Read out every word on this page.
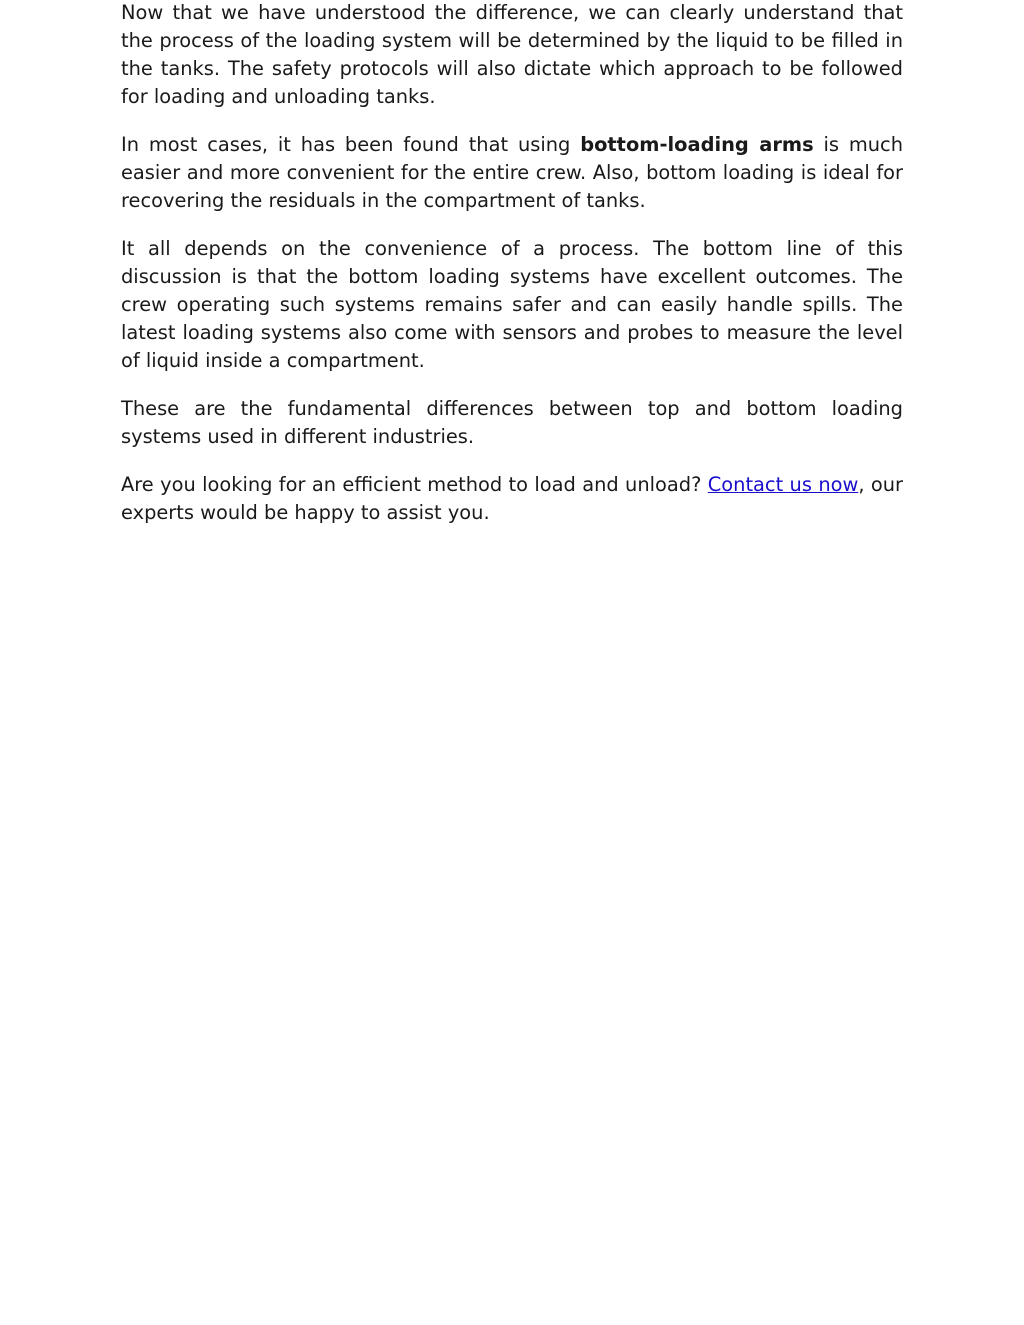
Now that we have understood the difference, we can clearly understand that the process of the loading system will be determined by the liquid to be filled in the tanks. The safety protocols will also dictate which approach to be followed for loading and unloading tanks.

In most cases, it has been found that using bottom-loading arms is much easier and more convenient for the entire crew. Also, bottom loading is ideal for recovering the residuals in the compartment of tanks.

It all depends on the convenience of a process. The bottom line of this discussion is that the bottom loading systems have excellent outcomes. The crew operating such systems remains safer and can easily handle spills. The latest loading systems also come with sensors and probes to measure the level of liquid inside a compartment.

These are the fundamental differences between top and bottom loading systems used in different industries.

Are you looking for an efficient method to load and unload? Contact us now, our experts would be happy to assist you.
